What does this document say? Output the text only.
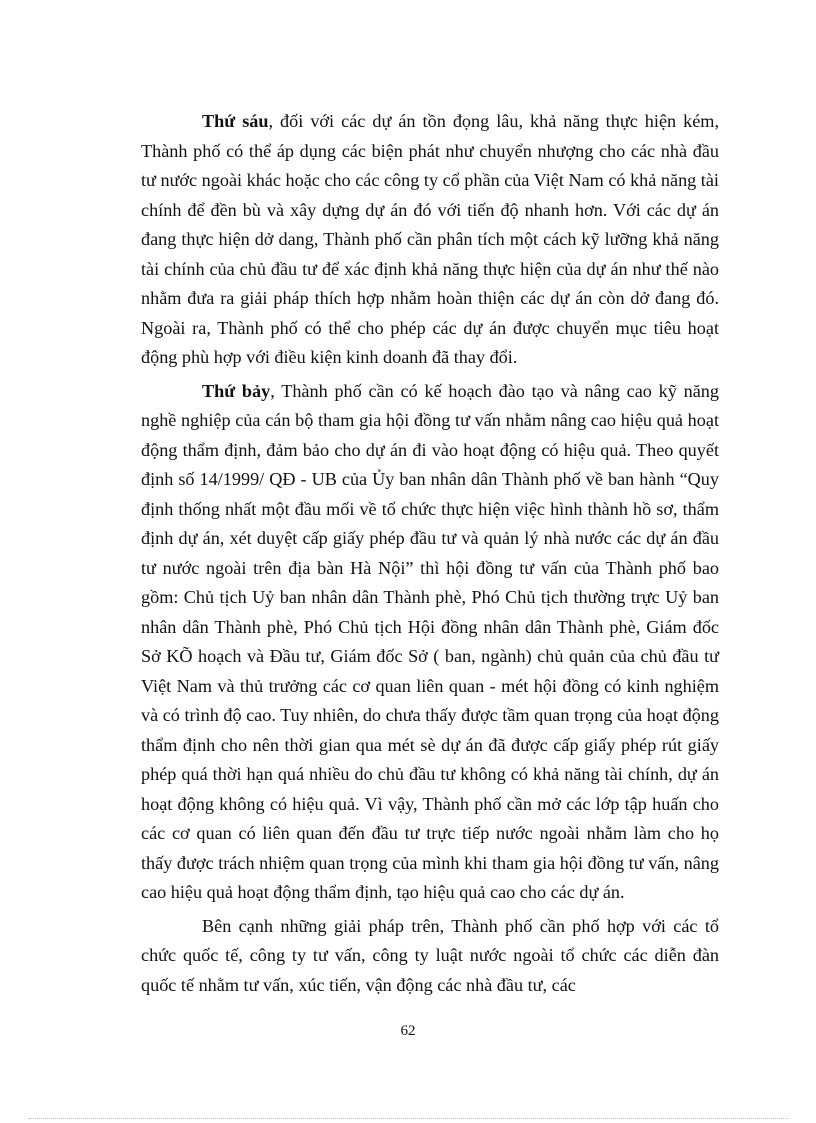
Thứ sáu, đối với các dự án tồn đọng lâu, khả năng thực hiện kém, Thành phố có thể áp dụng các biện phát như chuyển nhượng cho các nhà đầu tư nước ngoài khác hoặc cho các công ty cổ phần của Việt Nam có khả năng tài chính để đền bù và xây dựng dự án đó với tiến độ nhanh hơn. Với các dự án đang thực hiện dở dang, Thành phố cần phân tích một cách kỹ lưỡng khả năng tài chính của chủ đầu tư để xác định khả năng thực hiện của dự án như thế nào nhằm đưa ra giải pháp thích hợp nhằm hoàn thiện các dự án còn dở đang đó. Ngoài ra, Thành phố có thể cho phép các dự án được chuyển mục tiêu hoạt động phù hợp với điều kiện kinh doanh đã thay đổi.

Thứ bảy, Thành phố cần có kế hoạch đào tạo và nâng cao kỹ năng nghề nghiệp của cán bộ tham gia hội đồng tư vấn nhằm nâng cao hiệu quả hoạt động thẩm định, đảm bảo cho dự án đi vào hoạt động có hiệu quả. Theo quyết định số 14/1999/ QĐ - UB của Ủy ban nhân dân Thành phố về ban hành “Quy định thống nhất một đầu mối về tổ chức thực hiện việc hình thành hồ sơ, thẩm định dự án, xét duyệt cấp giấy phép đầu tư và quản lý nhà nước các dự án đầu tư nước ngoài trên địa bàn Hà Nội” thì hội đồng tư vấn của Thành phố bao gồm: Chủ tịch Uỷ ban nhân dân Thành phè, Phó Chủ tịch thường trực Uỷ ban nhân dân Thành phè, Phó Chủ tịch Hội đồng nhân dân Thành phè, Giám đốc Sở KÕ hoạch và Đầu tư, Giám đốc Sở ( ban, ngành) chủ quản của chủ đầu tư Việt Nam và thủ trưởng các cơ quan liên quan - mét hội đồng có kinh nghiệm và có trình độ cao. Tuy nhiên, do chưa thấy được tầm quan trọng của hoạt động thẩm định cho nên thời gian qua mét sè dự án đã được cấp giấy phép rút giấy phép quá thời hạn quá nhiều do chủ đầu tư không có khả năng tài chính, dự án hoạt động không có hiệu quả. Vì vậy, Thành phố cần mở các lớp tập huấn cho các cơ quan có liên quan đến đầu tư trực tiếp nước ngoài nhằm làm cho họ thấy được trách nhiệm quan trọng của mình khi tham gia hội đồng tư vấn, nâng cao hiệu quả hoạt động thẩm định, tạo hiệu quả cao cho các dự án.

Bên cạnh những giải pháp trên, Thành phố cần phố hợp với các tổ chức quốc tế, công ty tư vấn, công ty luật nước ngoài tổ chức các diễn đàn quốc tế nhằm tư vấn, xúc tiến, vận động các nhà đầu tư, các

62
